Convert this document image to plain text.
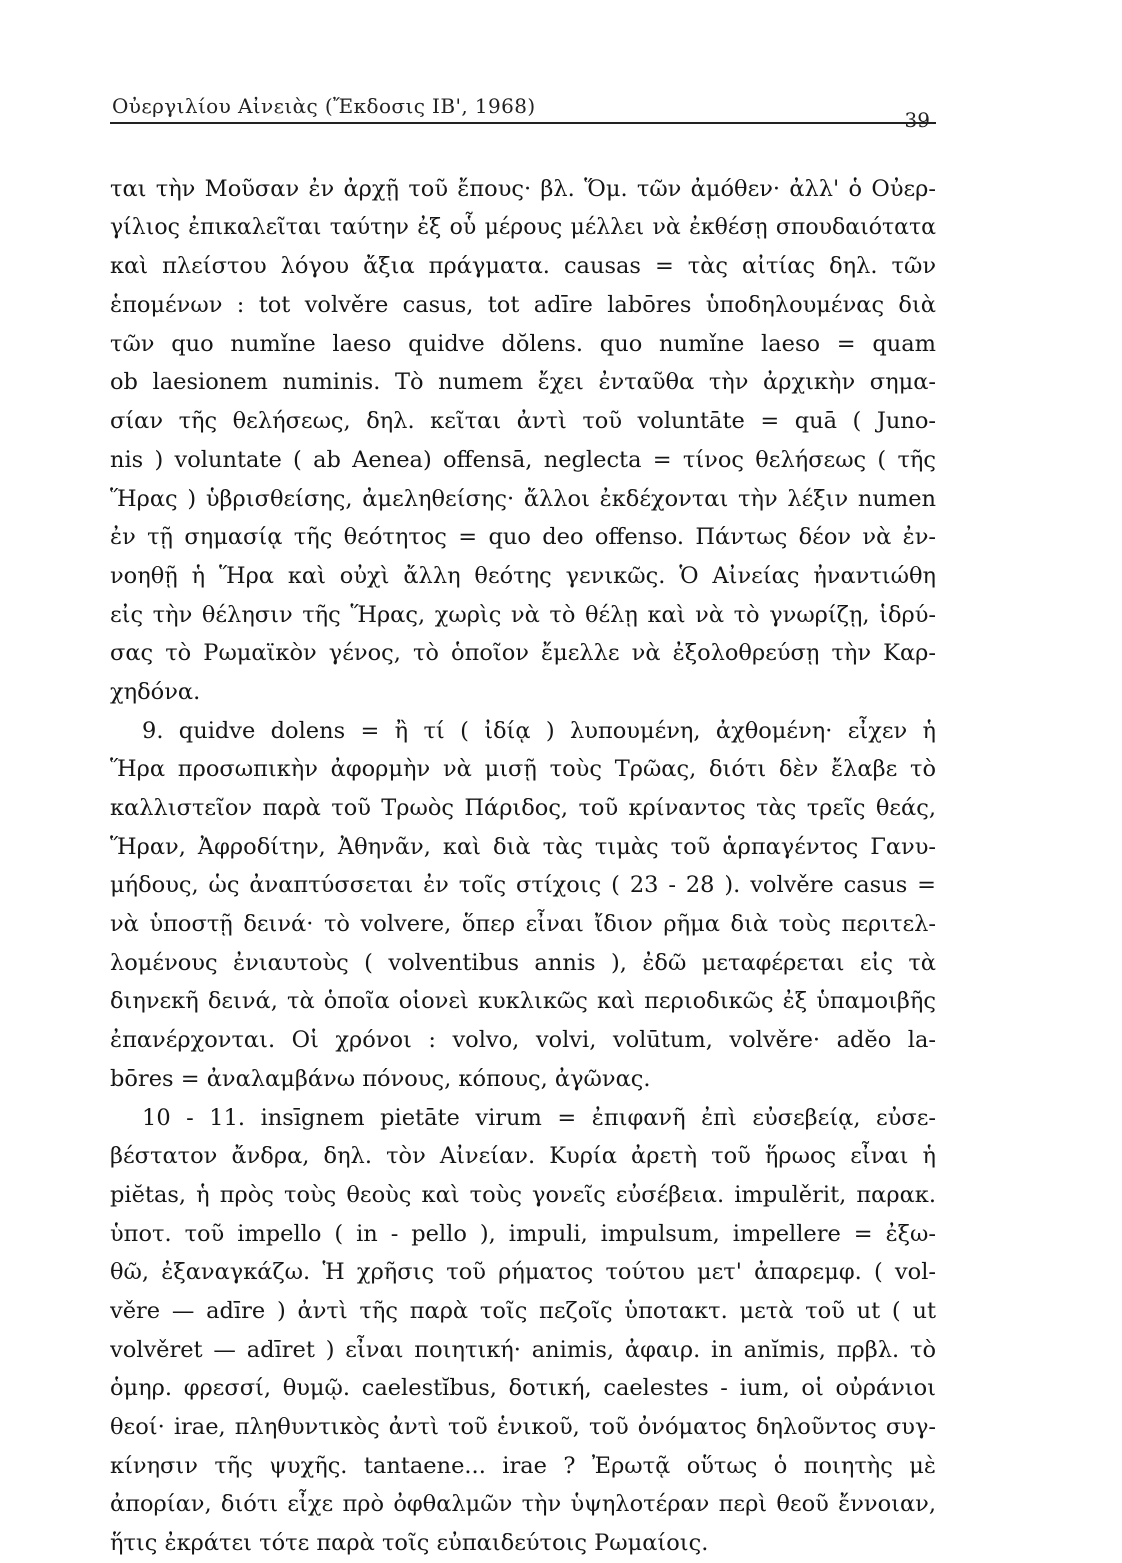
Οὐεργιλίου Αἰνειὰς (Ἔκδοσις ΙΒ', 1968)
39
ται τὴν Μοῦσαν ἐν ἀρχῇ τοῦ ἔπους· βλ. Ὅμ. τῶν ἀμόθεν· ἀλλ' ὁ Οὐερ-
γίλιος ἐπικαλεῖται ταύτην ἐξ οὗ μέρους μέλλει νὰ ἐκθέσῃ σπουδαιότατα
καὶ πλείστου λόγου ἄξια πράγματα. causas = τὰς αἰτίας δηλ. τῶν
ἑπομένων : tot volvěre casus, tot adīre labōres ὑποδηλουμένας διὰ
τῶν quo numǐne laeso quidve dŏlens. quo numǐne laeso = quam
ob laesionem numinis. Τὸ numem ἔχει ἐνταῦθα τὴν ἀρχικὴν σημα-
σίαν τῆς θελήσεως, δηλ. κεῖται ἀντὶ τοῦ voluntāte = quā ( Juno-
nis ) voluntate ( ab Aenea) offensā, neglecta = τίνος θελήσεως ( τῆς
Ἥρας ) ὑβρισθείσης, ἀμεληθείσης· ἄλλοι ἐκδέχονται τὴν λέξιν numen
ἐν τῇ σημασίᾳ τῆς θεότητος = quo deo offenso. Πάντως δέον νὰ ἐν-
νοηθῇ ἡ Ἥρα καὶ οὐχὶ ἄλλη θεότης γενικῶς. Ὁ Αἰνείας ἠναντιώθη
εἰς τὴν θέλησιν τῆς Ἥρας, χωρὶς νὰ τὸ θέλῃ καὶ νὰ τὸ γνωρίζῃ, ἱδρύ-
σας τὸ Ρωμαϊκὸν γένος, τὸ ὁποῖον ἔμελλε νὰ ἐξολοθρεύσῃ τὴν Καρ-
χηδόνα.
9. quidve dolens = ἢ τί ( ἰδίᾳ ) λυπουμένη, ἀχθομένη· εἶχεν ἡ
Ἥρα προσωπικὴν ἀφορμὴν νὰ μισῇ τοὺς Τρῶας, διότι δὲν ἔλαβε τὸ
καλλιστεῖον παρὰ τοῦ Τρωὸς Πάριδος, τοῦ κρίναντος τὰς τρεῖς θεάς,
Ἥραν, Ἀφροδίτην, Ἀθηνᾶν, καὶ διὰ τὰς τιμὰς τοῦ ἁρπαγέντος Γανυ-
μήδους, ὡς ἀναπτύσσεται ἐν τοῖς στίχοις ( 23 - 28 ). volvěre casus =
νὰ ὑποστῇ δεινά· τὸ volvere, ὅπερ εἶναι ἴδιον ρῆμα διὰ τοὺς περιτελ-
λομένους ἐνιαυτοὺς ( volventibus annis ), ἐδῶ μεταφέρεται εἰς τὰ
διηνεκῆ δεινά, τὰ ὁποῖα οἱονεὶ κυκλικῶς καὶ περιοδικῶς ἐξ ὑπαμοιβῆς
ἐπανέρχονται. Οἱ χρόνοι : volvo, volvi, volūtum, volvěre· adĕo la-
bōres = ἀναλαμβάνω πόνους, κόπους, ἀγῶνας.
10 - 11. insīgnem pietāte virum = ἐπιφανῆ ἐπὶ εὐσεβείᾳ, εὐσε-
βέστατον ἄνδρα, δηλ. τὸν Αἰνείαν. Κυρία ἀρετὴ τοῦ ἥρωος εἶναι ἡ
piĕtas, ἡ πρὸς τοὺς θεοὺς καὶ τοὺς γονεῖς εὐσέβεια. impulěrit, παρακ.
ὑποτ. τοῦ impello ( in - pello ), impuli, impulsum, impellere = ἐξω-
θῶ, ἐξαναγκάζω. Ἡ χρῆσις τοῦ ρήματος τούτου μετ' ἀπαρεμφ. ( vol-
věre — adīre ) ἀντὶ τῆς παρὰ τοῖς πεζοῖς ὑποτακτ. μετὰ τοῦ ut ( ut
volvěret — adīret ) εἶναι ποιητική· animis, ἀφαιρ. in anĭmis, πρβλ. τὸ
ὁμηρ. φρεσσί, θυμῷ. caelestĭbus, δοτική, caelestes - ium, οἱ οὐράνιοι
θεοί· irae, πληθυντικὸς ἀντὶ τοῦ ἑνικοῦ, τοῦ ὀνόματος δηλοῦντος συγ-
κίνησιν τῆς ψυχῆς. tantaene... irae ? Ἐρωτᾷ οὕτως ὁ ποιητὴς μὲ
ἀπορίαν, διότι εἶχε πρὸ ὀφθαλμῶν τὴν ὑψηλοτέραν περὶ θεοῦ ἔννοιαν,
ἥτις ἐκράτει τότε παρὰ τοῖς εὐπαιδεύτοις Ρωμαίοις.
